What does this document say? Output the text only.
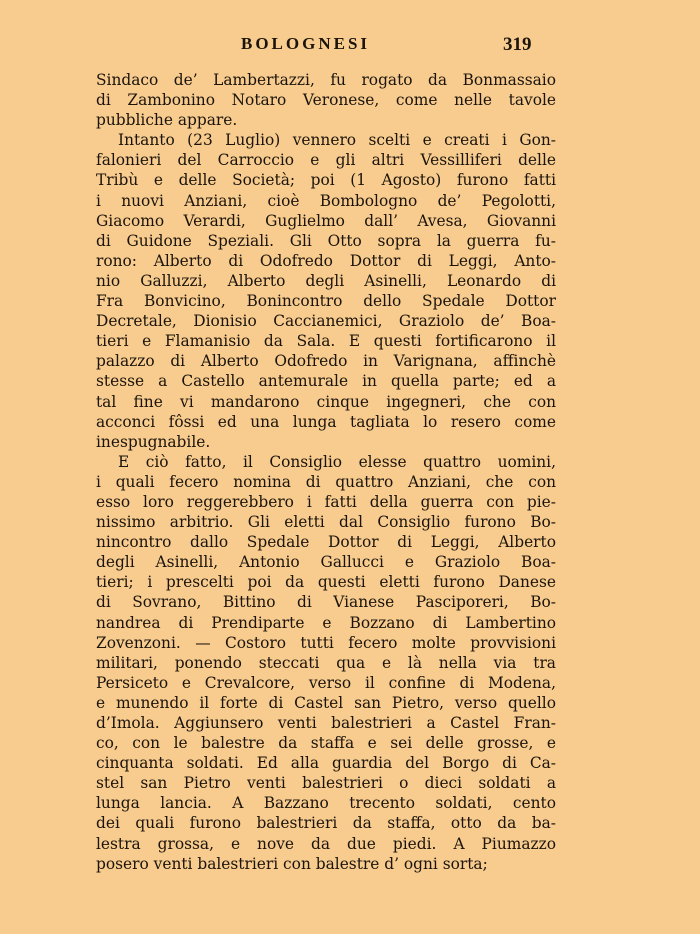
BOLOGNESI	319
Sindaco de’ Lambertazzi, fu rogato da Bonmassaio
di Zambonino Notaro Veronese, come nelle tavole
pubbliche appare.
Intanto (23 Luglio) vennero scelti e creati i Gon-
falonieri del Carroccio e gli altri Vessilliferi delle
Tribù e delle Società; poi (1 Agosto) furono fatti
i nuovi Anziani, cioè Bombologno de’ Pegolotti,
Giacomo Verardi, Guglielmo dall’ Avesa, Giovanni
di Guidone Speziali. Gli Otto sopra la guerra fu-
rono: Alberto di Odofredo Dottor di Leggi, Anto-
nio Galluzzi, Alberto degli Asinelli, Leonardo di
Fra Bonvicino, Bonincontro dello Spedale Dottor
Decretale, Dionisio Caccianemici, Graziolo de’ Boa-
tieri e Flamanisio da Sala. E questi fortificarono il
palazzo di Alberto Odofredo in Varignana, affinchè
stesse a Castello antemurale in quella parte; ed a
tal fine vi mandarono cinque ingegneri, che con
acconci fôssi ed una lunga tagliata lo resero come
inespugnabile.
E ciò fatto, il Consiglio elesse quattro uomini,
i quali fecero nomina di quattro Anziani, che con
esso loro reggerebbero i fatti della guerra con pie-
nissimo arbitrio. Gli eletti dal Consiglio furono Bo-
nincontro dallo Spedale Dottor di Leggi, Alberto
degli Asinelli, Antonio Gallucci e Graziolo Boa-
tieri; i prescelti poi da questi eletti furono Danese
di Sovrano, Bittino di Vianese Pasciporeri, Bo-
nandrea di Prendiparte e Bozzano di Lambertino
Zovenzoni. — Costoro tutti fecero molte provvisioni
militari, ponendo steccati qua e là nella via tra
Persiceto e Crevalcore, verso il confine di Modena,
e munendo il forte di Castel san Pietro, verso quello
d’Imola. Aggiunsero venti balestrieri a Castel Fran-
co, con le balestre da staffa e sei delle grosse, e
cinquanta soldati. Ed alla guardia del Borgo di Ca-
stel san Pietro venti balestrieri o dieci soldati a
lunga lancia. A Bazzano trecento soldati, cento
dei quali furono balestrieri da staffa, otto da ba-
lestra grossa, e nove da due piedi. A Piumazzo
posero venti balestrieri con balestre d’ ogni sorta;
